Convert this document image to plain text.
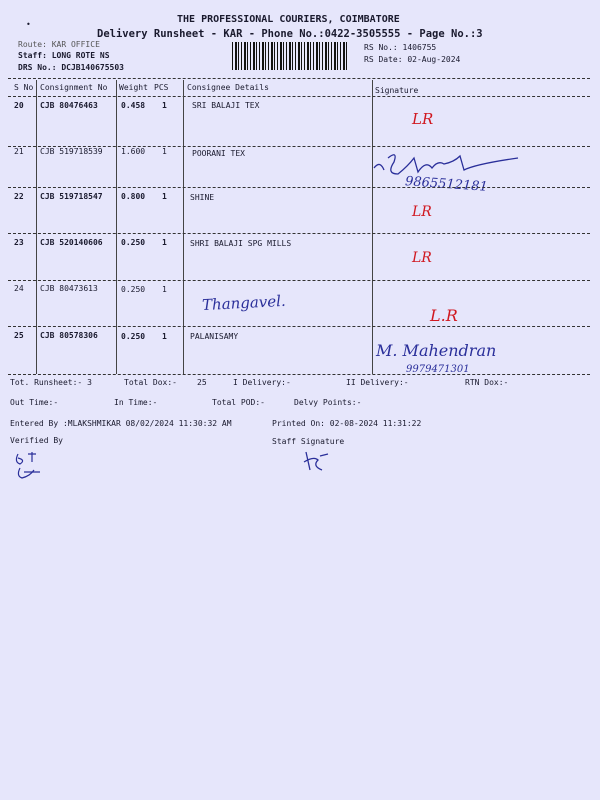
•	THE PROFESSIONAL COURIERS, COIMBATORE
Delivery Runsheet - KAR - Phone No.:0422-3505555 - Page No.:3
Route: KAR OFFICE
Staff: LONG ROTE NS
DRS No.: DCJB140675503
RS No.: 1406755
RS Date: 02-Aug-2024
S No Consignment No Weight PCS Consignee Details	Signature
20 CJB 80476463	0.458 1	SRI BALAJI TEX
LR
21 CJB 519718539 1.600 1	POORANI TEX
9865512181
22 CJB 519718547 0.800 1	SHINE
LR
23 CJB 520140606 0.250 1	SHRI BALAJI SPG MILLS
LR
24 CJB 80473613	0.250 1
Thangavel.
L.R
25 CJB 80578306	0.250 1	PALANISAMY
M. Mahendran
9979471301
Tot. Runsheet:- 3	Total Dox:-	25	I Delivery:-	II Delivery:-	RTN Dox:-
Out Time:-	In Time:-	Total POD:-	Delvy Points:-
Entered By :MLAKSHMIKAR 08/02/2024 11:30:32 AM	Printed On: 02-08-2024 11:31:22
Verified By	Staff Signature
